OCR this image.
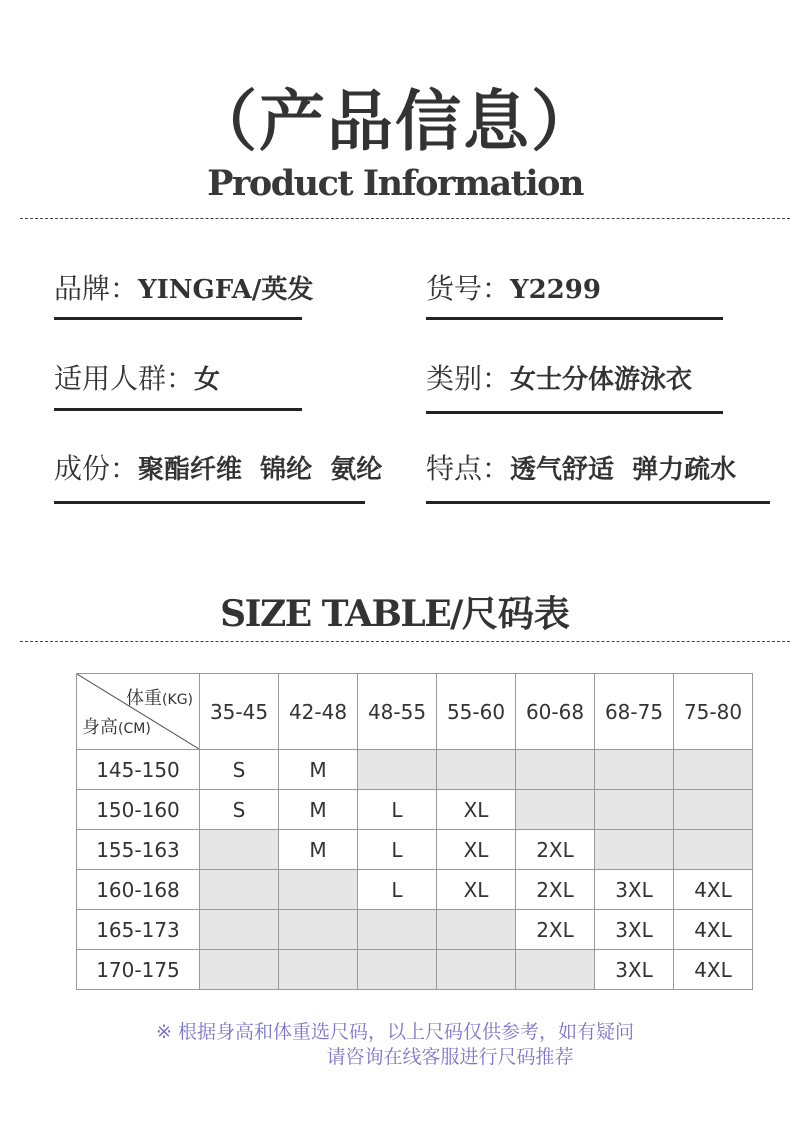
（产品信息）
Product Information
品牌：YINGFA/英发	货号：Y2299
适用人群：女	类别：女士分体游泳衣
成份：聚酯纤维  锦纶  氨纶 特点：透气舒适  弹力疏水
SIZE TABLE/尺码表
体重(KG)
身高(CM)	35-45	42-48	48-55	55-60	60-68	68-75	75-80
145-150	S	M					
150-160	S	M	L	XL			
155-163		M	L	XL	2XL		
160-168			L	XL	2XL	3XL	4XL
165-173					2XL	3XL	4XL
170-175						3XL	4XL
※ 根据身高和体重选尺码，以上尺码仅供参考，如有疑问
请咨询在线客服进行尺码推荐
